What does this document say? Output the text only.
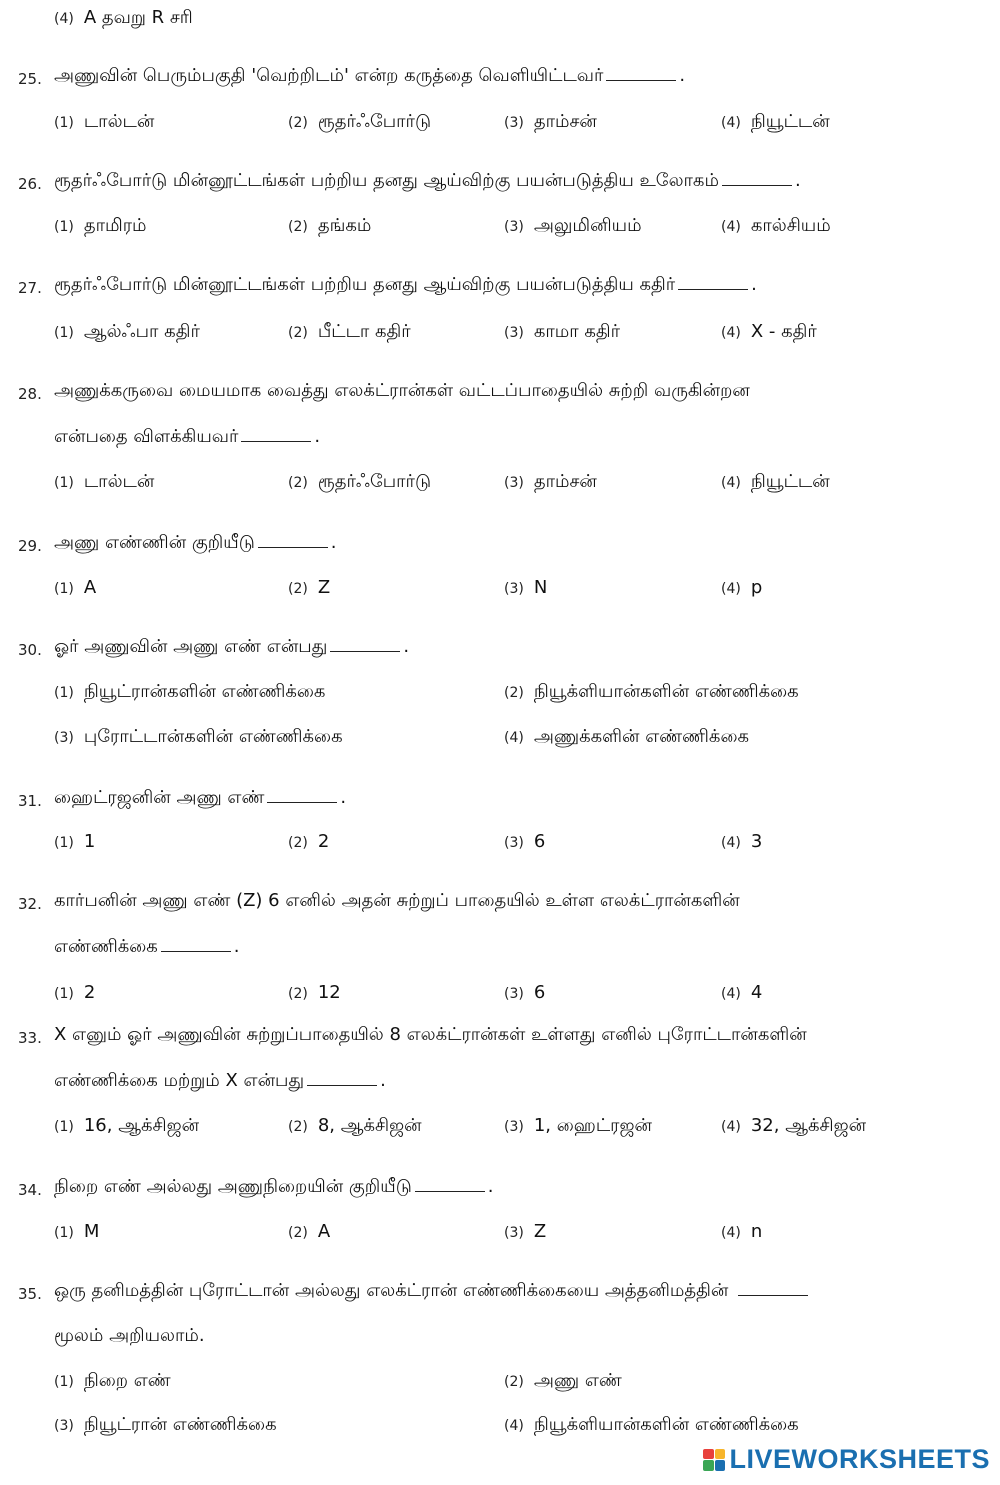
(4) A தவறு R சரி
25. அணுவின் பெரும்பகுதி 'வெற்றிடம்' என்ற கருத்தை வெளியிட்டவர்	.
(1) டால்டன்	(2) ரூதர்ஃபோர்டு	(3) தாம்சன்	(4) நியூட்டன்
26. ரூதர்ஃபோர்டு மின்னூட்டங்கள் பற்றிய தனது ஆய்விற்கு பயன்படுத்திய உலோகம்	.
(1) தாமிரம்	(2) தங்கம்	(3) அலுமினியம்	(4) கால்சியம்
27. ரூதர்ஃபோர்டு மின்னூட்டங்கள் பற்றிய தனது ஆய்விற்கு பயன்படுத்திய கதிர்	.
(1) ஆல்ஃபா கதிர்	(2) பீட்டா கதிர்	(3) காமா கதிர்	(4) X - கதிர்
28. அணுக்கருவை மையமாக வைத்து எலக்ட்ரான்கள் வட்டப்பாதையில் சுற்றி வருகின்றன
என்பதை விளக்கியவர்	.
(1) டால்டன்	(2) ரூதர்ஃபோர்டு	(3) தாம்சன்	(4) நியூட்டன்
29. அணு எண்ணின் குறியீடு	.
(1) A	(2) Z	(3) N	(4) p
30. ஓர் அணுவின் அணு எண் என்பது	.
(1) நியூட்ரான்களின் எண்ணிக்கை	(2) நியூக்ளியான்களின் எண்ணிக்கை
(3) புரோட்டான்களின் எண்ணிக்கை	(4) அணுக்களின் எண்ணிக்கை
31. ஹைட்ரஜனின் அணு எண்	.
(1) 1	(2) 2	(3) 6	(4) 3
32. கார்பனின் அணு எண் (Z) 6 எனில் அதன் சுற்றுப் பாதையில் உள்ள எலக்ட்ரான்களின்
எண்ணிக்கை	.
(1) 2	(2) 12	(3) 6	(4) 4
33. X எனும் ஓர் அணுவின் சுற்றுப்பாதையில் 8 எலக்ட்ரான்கள் உள்ளது எனில் புரோட்டான்களின்
எண்ணிக்கை மற்றும் X என்பது	.
(1) 16, ஆக்சிஜன்	(2) 8, ஆக்சிஜன்	(3) 1, ஹைட்ரஜன்	(4) 32, ஆக்சிஜன்
34. நிறை எண் அல்லது அணுநிறையின் குறியீடு	.
(1) M	(2) A	(3) Z	(4) n
35. ஒரு தனிமத்தின் புரோட்டான் அல்லது எலக்ட்ரான் எண்ணிக்கையை அத்தனிமத்தின்
மூலம் அறியலாம்.
(1) நிறை எண்	(2) அணு எண்
(3) நியூட்ரான் எண்ணிக்கை	(4) நியூக்ளியான்களின் எண்ணிக்கை
LIVEWORKSHEETS
